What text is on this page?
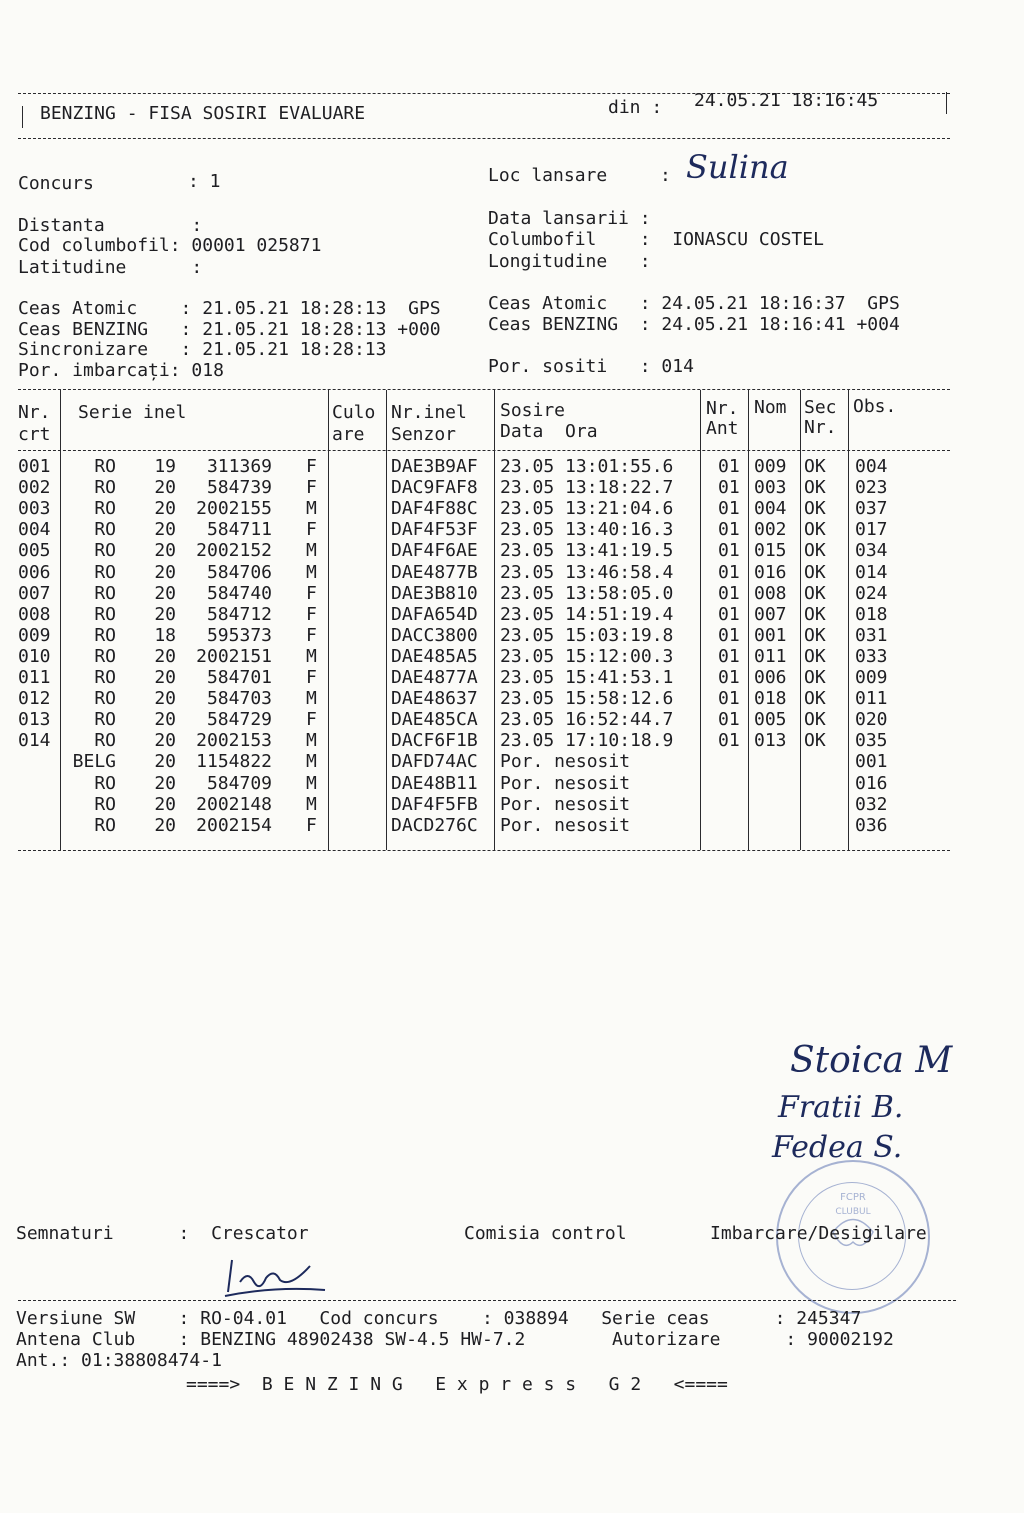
BENZING - FISA SOSIRI EVALUARE	din : 24.05.21 18:16:45
Concurs	: 1	Loc lansare	: Sulina
Distanta        :
Cod columbofil: 00001 025871
Latitudine      :
Data lansarii :
Columbofil    :  IONASCU COSTEL
Longitudine   :
Ceas Atomic    : 21.05.21 18:28:13  GPS
Ceas BENZING   : 21.05.21 18:28:13 +000
Sincronizare   : 21.05.21 18:28:13
Por. imbarcați: 018
Ceas Atomic   : 24.05.21 18:16:37  GPS
Ceas BENZING  : 24.05.21 18:16:41 +004
Por. sositi   : 014
Nr.
crt
Serie inel	Culo
are
Nr.inel
Senzor
Sosire
Data  Ora
Nr.
Ant
Nom Sec
Nr.
Obs.
001	RO	19	311369 F	DAE3B9AF 23.05 13:01:55.6 01 009 OK 004
002	RO	20	584739 F	DAC9FAF8 23.05 13:18:22.7 01 003 OK 023
003	RO	20	2002155 M	DAF4F88C 23.05 13:21:04.6 01 004 OK 037
004	RO	20	584711 F	DAF4F53F 23.05 13:40:16.3 01 002 OK 017
005	RO	20	2002152 M	DAF4F6AE 23.05 13:41:19.5 01 015 OK 034
006	RO	20	584706 M	DAE4877B 23.05 13:46:58.4 01 016 OK 014
007	RO	20	584740 F	DAE3B810 23.05 13:58:05.0 01 008 OK 024
008	RO	20	584712 F	DAFA654D 23.05 14:51:19.4 01 007 OK 018
009	RO	18	595373 F	DACC3800 23.05 15:03:19.8 01 001 OK 031
010	RO	20	2002151 M	DAE485A5 23.05 15:12:00.3 01 011 OK 033
011	RO	20	584701 F	DAE4877A 23.05 15:41:53.1 01 006 OK 009
012	RO	20	584703 M	DAE48637 23.05 15:58:12.6 01 018 OK 011
013	RO	20	584729 F	DAE485CA 23.05 16:52:44.7 01 005 OK 020
014	RO	20	2002153 M	DACF6F1B 23.05 17:10:18.9 01 013 OK 035
BELG	20	1154822 M	DAFD74AC Por. nesosit	001
RO	20	584709 M	DAE48B11 Por. nesosit	016
RO	20	2002148 M	DAF4F5FB Por. nesosit	032
RO	20	2002154 F	DACD276C Por. nesosit	036
Stoica M
Fratii B.
Fedea S.
FCPR
CLUBUL
Semnaturi      :  Crescator	Comisia control	Imbarcare/Desigilare
Versiune SW    : RO-04.01   Cod concurs    : 038894   Serie ceas      : 245347
Antena Club    : BENZING 48902438 SW-4.5 HW-7.2        Autorizare      : 90002192
Ant.: 01:38808474-1
====>  B E N Z I N G   E x p r e s s   G 2   <====
